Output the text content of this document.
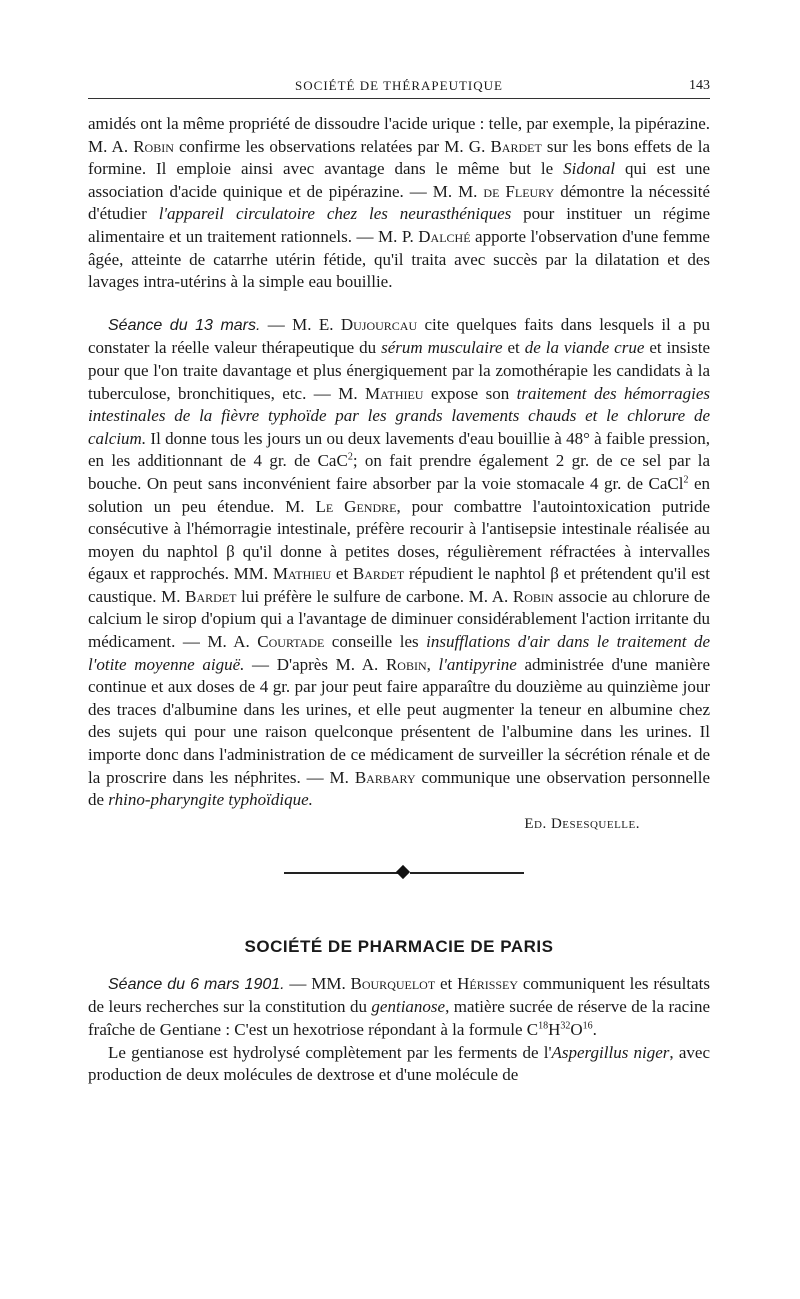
SOCIÉTÉ DE THÉRAPEUTIQUE	143

amidés ont la même propriété de dissoudre l'acide urique : telle, par exemple, la pipérazine. M. A. Robin confirme les observations relatées par M. G. Bardet sur les bons effets de la formine. Il emploie ainsi avec avantage dans le même but le Sidonal qui est une association d'acide quinique et de pipérazine. — M. M. de Fleury démontre la nécessité d'étudier l'appareil circulatoire chez les neurasthéniques pour instituer un régime alimentaire et un traitement rationnels. — M. P. Dalché apporte l'observation d'une femme âgée, atteinte de catarrhe utérin fétide, qu'il traita avec succès par la dilatation et des lavages intra-utérins à la simple eau bouillie.

Séance du 13 mars. — M. E. Dujourcau cite quelques faits dans lesquels il a pu constater la réelle valeur thérapeutique du sérum musculaire et de la viande crue et insiste pour que l'on traite davantage et plus énergiquement par la zomothérapie les candidats à la tuberculose, bronchitiques, etc. — M. Mathieu expose son traitement des hémorragies intestinales de la fièvre typhoïde par les grands lavements chauds et le chlorure de calcium. Il donne tous les jours un ou deux lavements d'eau bouillie à 48° à faible pression, en les additionnant de 4 gr. de CaC$^2$; on fait prendre également 2 gr. de ce sel par la bouche. On peut sans inconvénient faire absorber par la voie stomacale 4 gr. de CaCl$^2$ en solution un peu étendue. M. Le Gendre, pour combattre l'autointoxication putride consécutive à l'hémorragie intestinale, préfère recourir à l'antisepsie intestinale réalisée au moyen du naphtol β qu'il donne à petites doses, régulièrement réfractées à intervalles égaux et rapprochés. MM. Mathieu et Bardet répudient le naphtol β et prétendent qu'il est caustique. M. Bardet lui préfère le sulfure de carbone. M. A. Robin associe au chlorure de calcium le sirop d'opium qui a l'avantage de diminuer considérablement l'action irritante du médicament. — M. A. Courtade conseille les insufflations d'air dans le traitement de l'otite moyenne aiguë. — D'après M. A. Robin, l'antipyrine administrée d'une manière continue et aux doses de 4 gr. par jour peut faire apparaître du douzième au quinzième jour des traces d'albumine dans les urines, et elle peut augmenter la teneur en albumine chez des sujets qui pour une raison quelconque présentent de l'albumine dans les urines. Il importe donc dans l'administration de ce médicament de surveiller la sécrétion rénale et de la proscrire dans les néphrites. — M. Barbary communique une observation personnelle de rhino-pharyngite typhoïdique.

Ed. Desesquelle.
SOCIÉTÉ DE PHARMACIE DE PARIS

Séance du 6 mars 1901. — MM. Bourquelot et Hérissey communiquent les résultats de leurs recherches sur la constitution du gentianose, matière sucrée de réserve de la racine fraîche de Gentiane : C'est un hexotriose répondant à la formule $C^{18}H^{32}O^{16}$.

Le gentianose est hydrolysé complètement par les ferments de l'Aspergillus niger, avec production de deux molécules de dextrose et d'une molécule de
